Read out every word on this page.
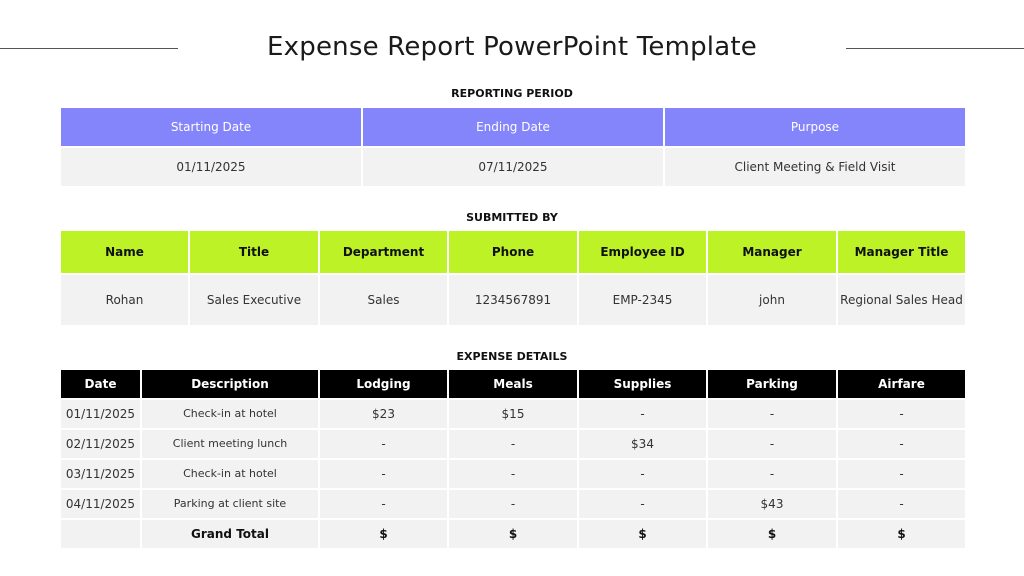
Expense Report PowerPoint Template
REPORTING PERIOD
Starting Date	Ending Date	Purpose
01/11/2025	07/11/2025	Client Meeting & Field Visit
SUBMITTED BY
Name	Title	Department	Phone	Employee ID	Manager	Manager Title
Rohan	Sales Executive	Sales	1234567891	EMP-2345	john	Regional Sales Head
EXPENSE DETAILS
Date	Description	Lodging	Meals	Supplies	Parking	Airfare
01/11/2025	Check-in at hotel	$23	$15	-	-	-
02/11/2025	Client meeting lunch	-	-	$34	-	-
03/11/2025	Check-in at hotel	-	-	-	-	-
04/11/2025	Parking at client site	-	-	-	$43	-
	Grand Total	$	$	$	$	$
